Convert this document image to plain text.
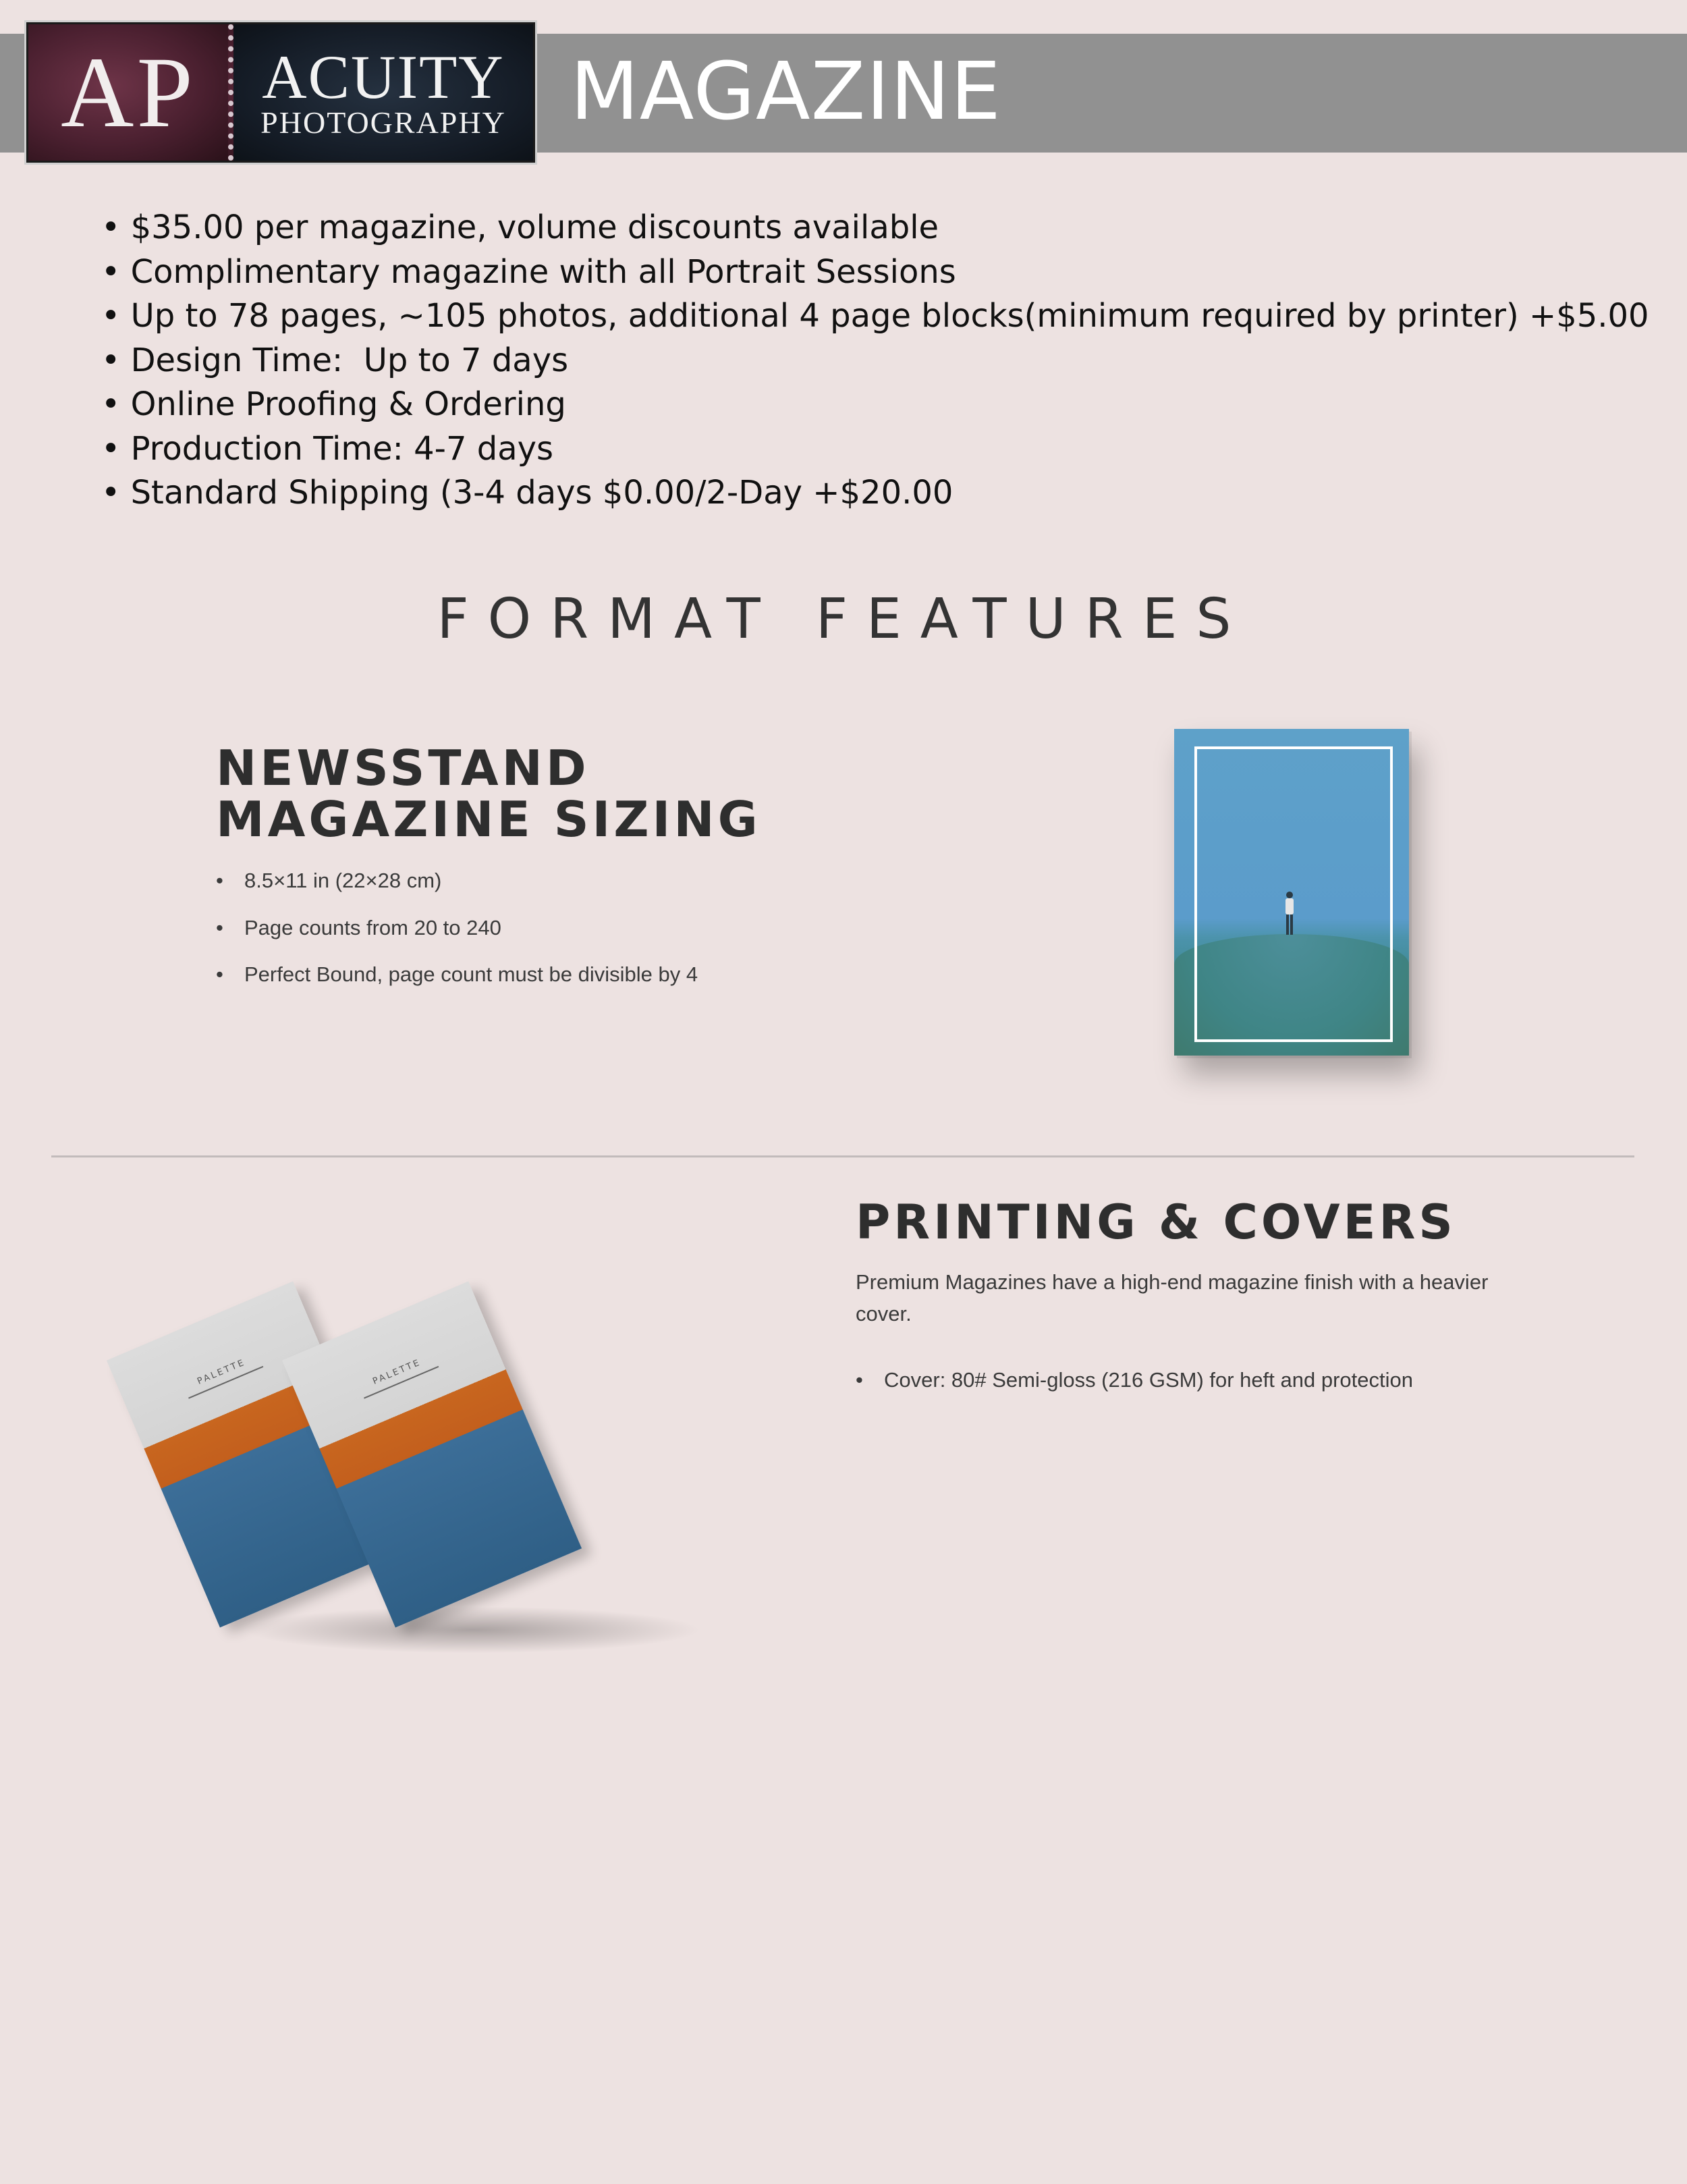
AP ACUITY
PHOTOGRAPHY MAGAZINE
• $35.00 per magazine, volume discounts available
• Complimentary magazine with all Portrait Sessions
• Up to 78 pages, ~105 photos, additional 4 page blocks(minimum required by printer) +$5.00
• Design Time:  Up to 7 days
• Online Proofing & Ordering
• Production Time: 4-7 days
• Standard Shipping (3-4 days $0.00/2-Day +$20.00
FORMAT FEATURES
NEWSSTAND
MAGAZINE SIZING
• 8.5×11 in (22×28 cm)
• Page counts from 20 to 240
• Perfect Bound, page count must be divisible by 4
PALETTE	PALETTE
PRINTING & COVERS
Premium Magazines have a high-end magazine finish with a heavier cover.
• Cover: 80# Semi-gloss (216 GSM) for heft and protection
